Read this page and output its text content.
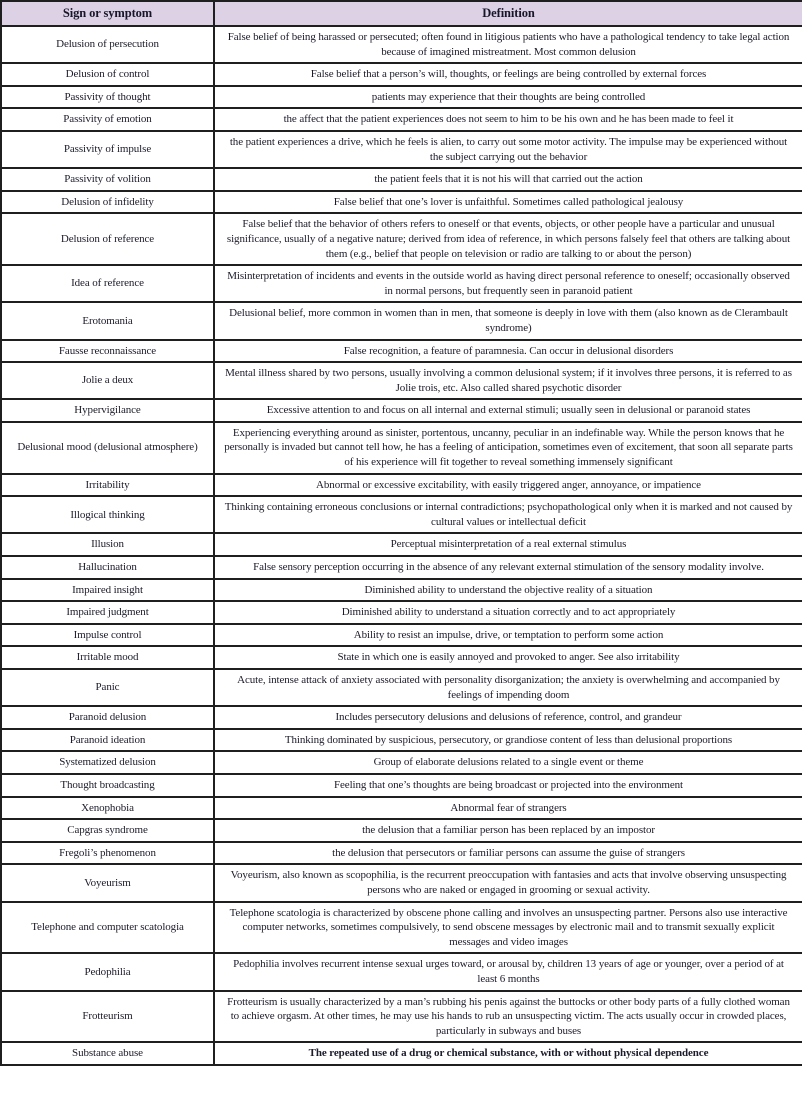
Sign or symptom	Definition
Delusion of persecution	False belief of being harassed or persecuted; often found in litigious patients who have a pathological tendency to take legal action because of imagined mistreatment. Most common delusion
Delusion of control	False belief that a person’s will, thoughts, or feelings are being controlled by external forces
Passivity of thought	patients may experience that their thoughts are being controlled
Passivity of emotion	the affect that the patient experiences does not seem to him to be his own and he has been made to feel it
Passivity of impulse	the patient experiences a drive, which he feels is alien, to carry out some motor activity. The impulse may be experienced without the subject carrying out the behavior
Passivity of volition	the patient feels that it is not his will that carried out the action
Delusion of infidelity	False belief that one’s lover is unfaithful. Sometimes called pathological jealousy
Delusion of reference	False belief that the behavior of others refers to oneself or that events, objects, or other people have a particular and unusual significance, usually of a negative nature; derived from idea of reference, in which persons falsely feel that others are talking about them (e.g., belief that people on television or radio are talking to or about the person)
Idea of reference	Misinterpretation of incidents and events in the outside world as having direct personal reference to oneself; occasionally observed in normal persons, but frequently seen in paranoid patient
Erotomania	Delusional belief, more common in women than in men, that someone is deeply in love with them (also known as de Clerambault syndrome)
Fausse reconnaissance	False recognition, a feature of paramnesia. Can occur in delusional disorders
Jolie a deux	Mental illness shared by two persons, usually involving a common delusional system; if it involves three persons, it is referred to as Jolie trois, etc. Also called shared psychotic disorder
Hypervigilance	Excessive attention to and focus on all internal and external stimuli; usually seen in delusional or paranoid states
Delusional mood (delusional atmosphere)	Experiencing everything around as sinister, portentous, uncanny, peculiar in an indefinable way. While the person knows that he personally is invaded but cannot tell how, he has a feeling of anticipation, sometimes even of excitement, that soon all separate parts of his experience will fit together to reveal something immensely significant
Irritability	Abnormal or excessive excitability, with easily triggered anger, annoyance, or impatience
Illogical thinking	Thinking containing erroneous conclusions or internal contradictions; psychopathological only when it is marked and not caused by cultural values or intellectual deficit
Illusion	Perceptual misinterpretation of a real external stimulus
Hallucination	False sensory perception occurring in the absence of any relevant external stimulation of the sensory modality involve.
Impaired insight	Diminished ability to understand the objective reality of a situation
Impaired judgment	Diminished ability to understand a situation correctly and to act appropriately
Impulse control	Ability to resist an impulse, drive, or temptation to perform some action
Irritable mood	State in which one is easily annoyed and provoked to anger. See also irritability
Panic	Acute, intense attack of anxiety associated with personality disorganization; the anxiety is overwhelming and accompanied by feelings of impending doom
Paranoid delusion	Includes persecutory delusions and delusions of reference, control, and grandeur
Paranoid ideation	Thinking dominated by suspicious, persecutory, or grandiose content of less than delusional proportions
Systematized delusion	Group of elaborate delusions related to a single event or theme
Thought broadcasting	Feeling that one’s thoughts are being broadcast or projected into the environment
Xenophobia	Abnormal fear of strangers
Capgras syndrome	the delusion that a familiar person has been replaced by an impostor
Fregoli’s phenomenon	the delusion that persecutors or familiar persons can assume the guise of strangers
Voyeurism	Voyeurism, also known as scopophilia, is the recurrent preoccupation with fantasies and acts that involve observing unsuspecting persons who are naked or engaged in grooming or sexual activity.
Telephone and computer scatologia	Telephone scatologia is characterized by obscene phone calling and involves an unsuspecting partner. Persons also use interactive computer networks, sometimes compulsively, to send obscene messages by electronic mail and to transmit sexually explicit messages and video images
Pedophilia	Pedophilia involves recurrent intense sexual urges toward, or arousal by, children 13 years of age or younger, over a period of at least 6 months
Frotteurism	Frotteurism is usually characterized by a man’s rubbing his penis against the buttocks or other body parts of a fully clothed woman to achieve orgasm. At other times, he may use his hands to rub an unsuspecting victim. The acts usually occur in crowded places, particularly in subways and buses
Substance abuse	The repeated use of a drug or chemical substance, with or without physical dependence
